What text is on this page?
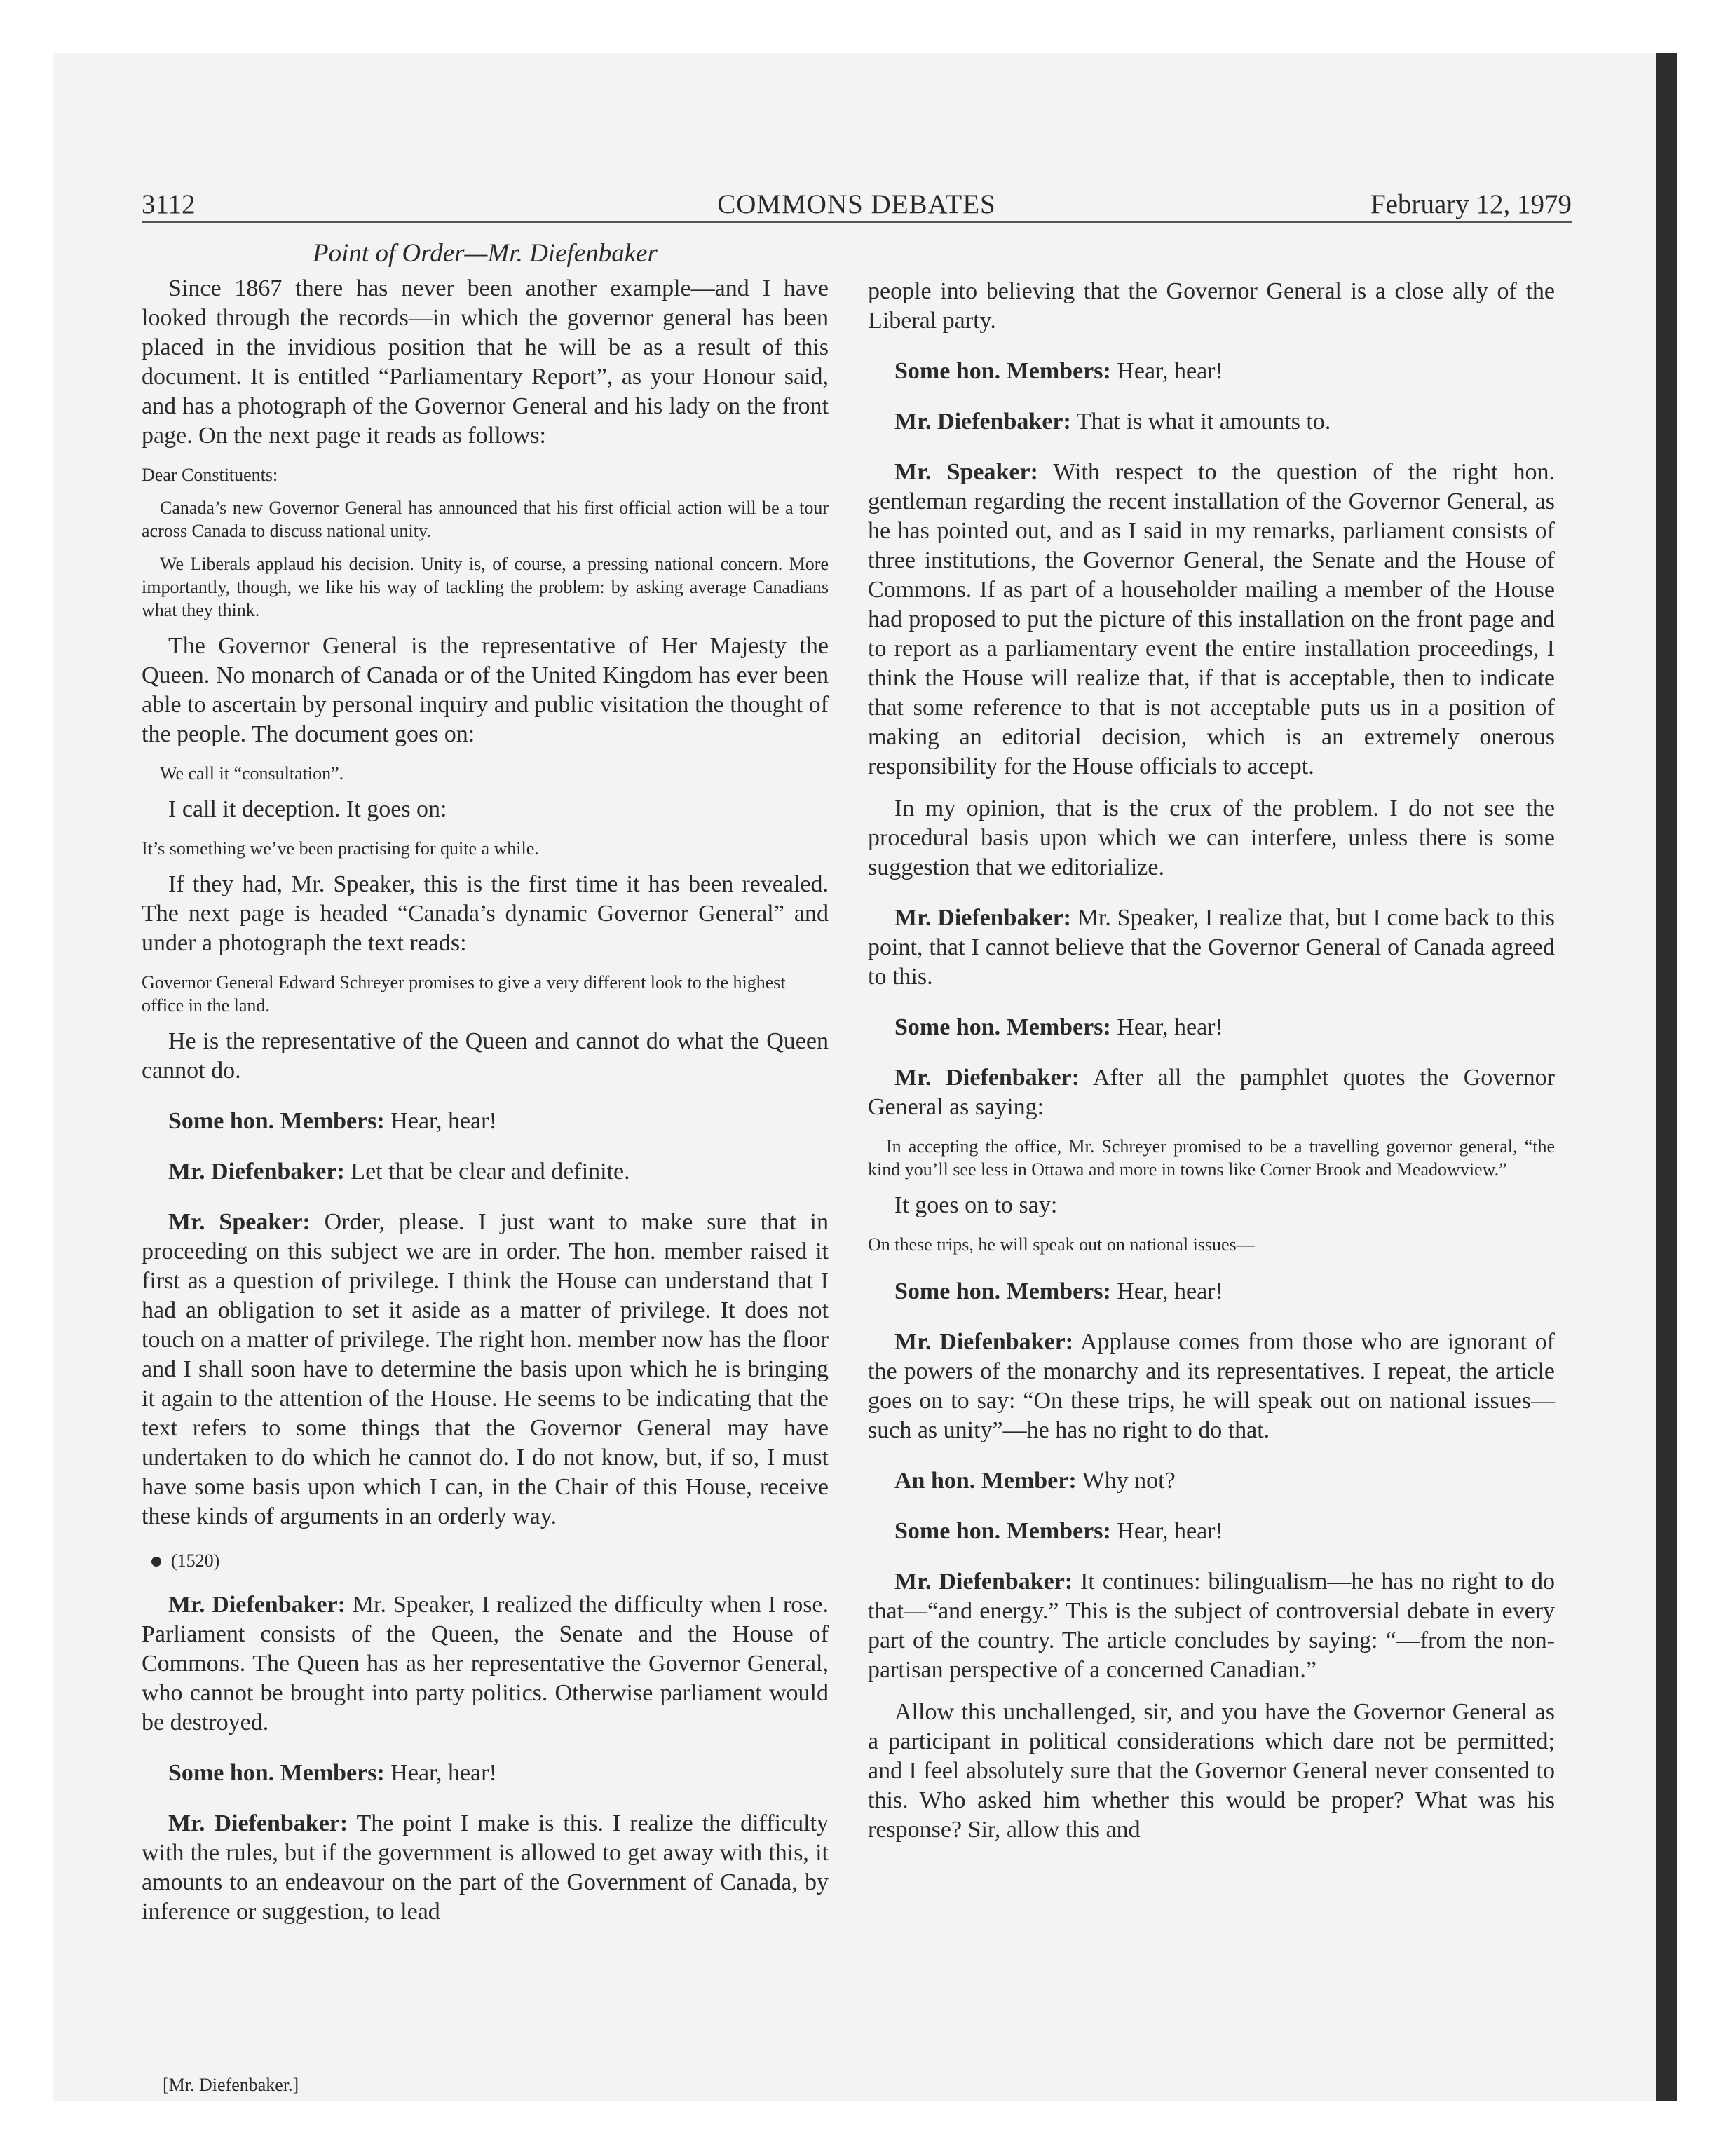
3112	COMMONS DEBATES	February 12, 1979
Point of Order—Mr. Diefenbaker

Since 1867 there has never been another example—and I have looked through the records—in which the governor general has been placed in the invidious position that he will be as a result of this document. It is entitled “Parliamentary Report”, as your Honour said, and has a photograph of the Governor General and his lady on the front page. On the next page it reads as follows:

Dear Constituents:

Canada’s new Governor General has announced that his first official action will be a tour across Canada to discuss national unity.

We Liberals applaud his decision. Unity is, of course, a pressing national concern. More importantly, though, we like his way of tackling the problem: by asking average Canadians what they think.

The Governor General is the representative of Her Majesty the Queen. No monarch of Canada or of the United Kingdom has ever been able to ascertain by personal inquiry and public visitation the thought of the people. The document goes on:

We call it “consultation”.

I call it deception. It goes on:

It’s something we’ve been practising for quite a while.

If they had, Mr. Speaker, this is the first time it has been revealed. The next page is headed “Canada’s dynamic Governor General” and under a photograph the text reads:

Governor General Edward Schreyer promises to give a very different look to the highest office in the land.

He is the representative of the Queen and cannot do what the Queen cannot do.

Some hon. Members: Hear, hear!

Mr. Diefenbaker: Let that be clear and definite.

Mr. Speaker: Order, please. I just want to make sure that in proceeding on this subject we are in order. The hon. member raised it first as a question of privilege. I think the House can understand that I had an obligation to set it aside as a matter of privilege. It does not touch on a matter of privilege. The right hon. member now has the floor and I shall soon have to determine the basis upon which he is bringing it again to the attention of the House. He seems to be indicating that the text refers to some things that the Governor General may have undertaken to do which he cannot do. I do not know, but, if so, I must have some basis upon which I can, in the Chair of this House, receive these kinds of arguments in an orderly way.

(1520)

Mr. Diefenbaker: Mr. Speaker, I realized the difficulty when I rose. Parliament consists of the Queen, the Senate and the House of Commons. The Queen has as her representative the Governor General, who cannot be brought into party politics. Otherwise parliament would be destroyed.

Some hon. Members: Hear, hear!

Mr. Diefenbaker: The point I make is this. I realize the difficulty with the rules, but if the government is allowed to get away with this, it amounts to an endeavour on the part of the Government of Canada, by inference or suggestion, to lead

people into believing that the Governor General is a close ally of the Liberal party.

Some hon. Members: Hear, hear!

Mr. Diefenbaker: That is what it amounts to.

Mr. Speaker: With respect to the question of the right hon. gentleman regarding the recent installation of the Governor General, as he has pointed out, and as I said in my remarks, parliament consists of three institutions, the Governor General, the Senate and the House of Commons. If as part of a householder mailing a member of the House had proposed to put the picture of this installation on the front page and to report as a parliamentary event the entire installation proceedings, I think the House will realize that, if that is acceptable, then to indicate that some reference to that is not acceptable puts us in a position of making an editorial decision, which is an extremely onerous responsibility for the House officials to accept.

In my opinion, that is the crux of the problem. I do not see the procedural basis upon which we can interfere, unless there is some suggestion that we editorialize.

Mr. Diefenbaker: Mr. Speaker, I realize that, but I come back to this point, that I cannot believe that the Governor General of Canada agreed to this.

Some hon. Members: Hear, hear!

Mr. Diefenbaker: After all the pamphlet quotes the Governor General as saying:

In accepting the office, Mr. Schreyer promised to be a travelling governor general, “the kind you’ll see less in Ottawa and more in towns like Corner Brook and Meadowview.”

It goes on to say:

On these trips, he will speak out on national issues—

Some hon. Members: Hear, hear!

Mr. Diefenbaker: Applause comes from those who are ignorant of the powers of the monarchy and its representatives. I repeat, the article goes on to say: “On these trips, he will speak out on national issues—such as unity”—he has no right to do that.

An hon. Member: Why not?

Some hon. Members: Hear, hear!

Mr. Diefenbaker: It continues: bilingualism—he has no right to do that—“and energy.” This is the subject of controversial debate in every part of the country. The article concludes by saying: “—from the non-partisan perspective of a concerned Canadian.”

Allow this unchallenged, sir, and you have the Governor General as a participant in political considerations which dare not be permitted; and I feel absolutely sure that the Governor General never consented to this. Who asked him whether this would be proper? What was his response? Sir, allow this and

[Mr. Diefenbaker.]
